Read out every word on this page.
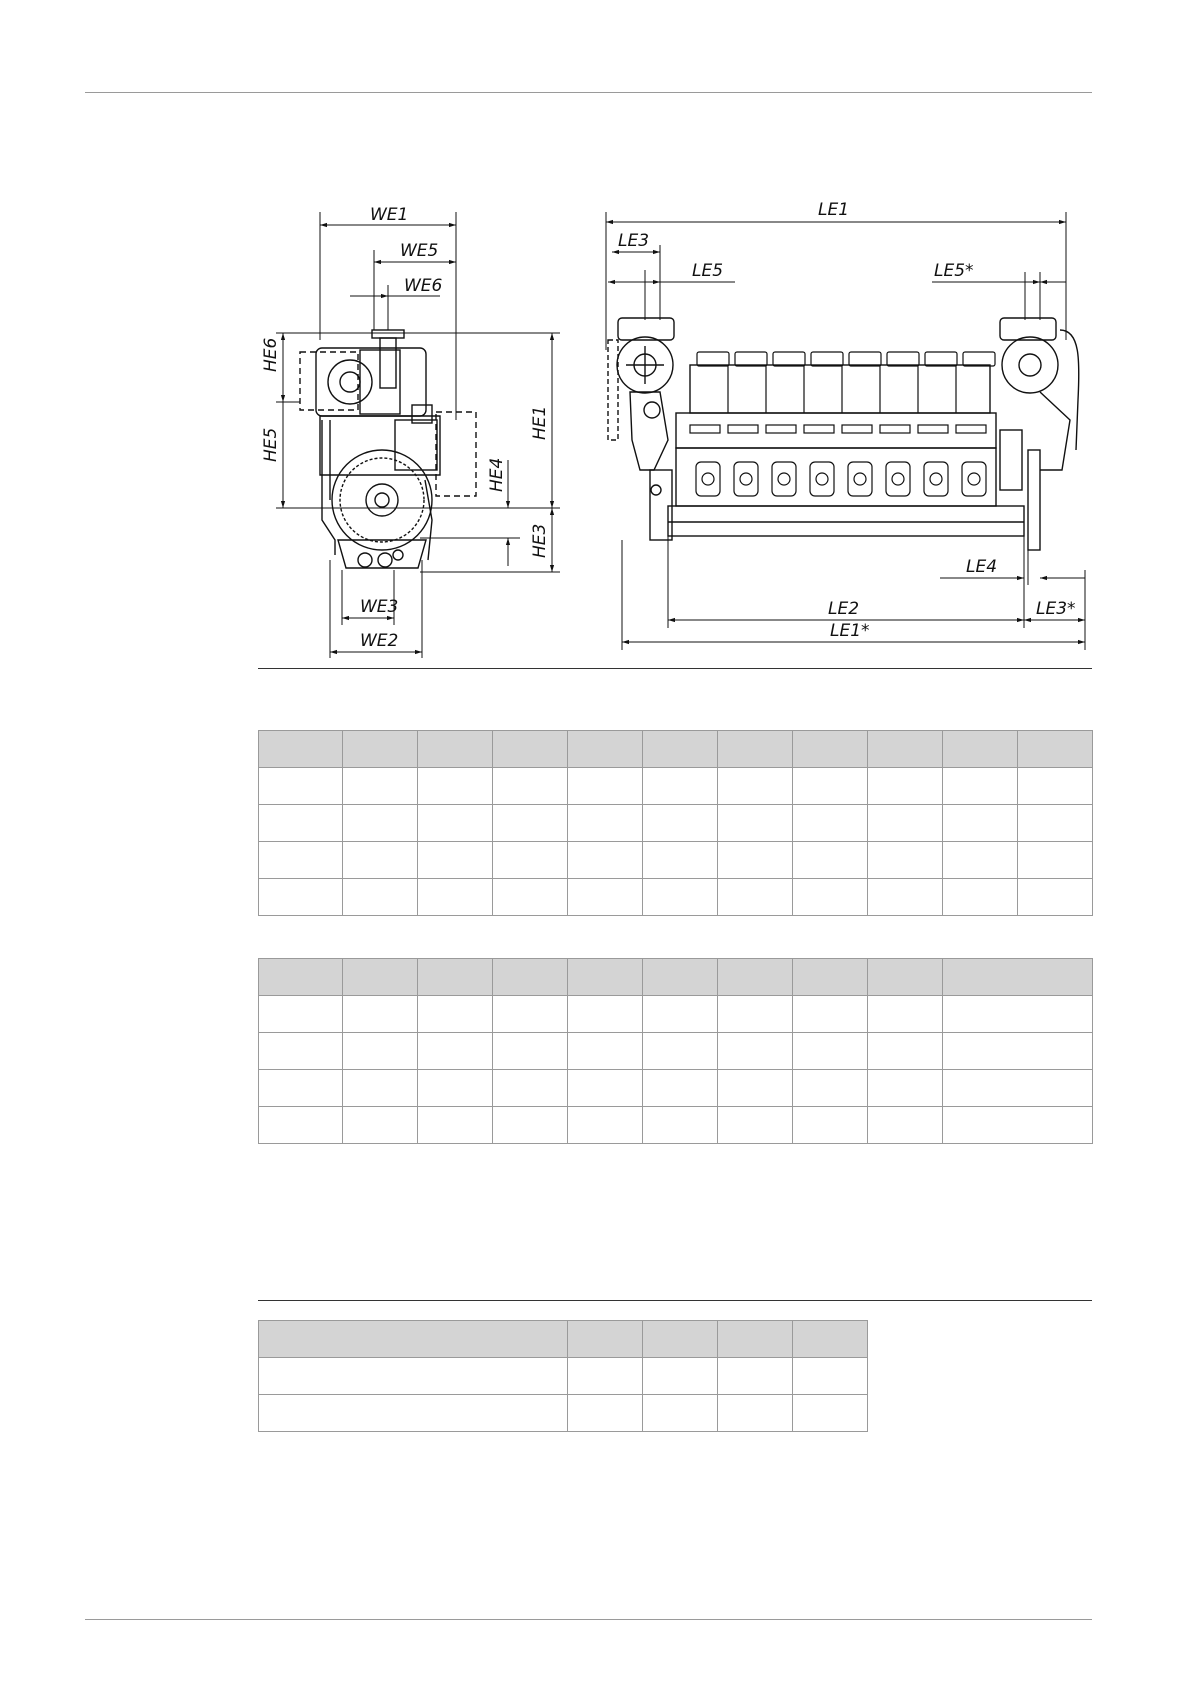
WE1
WE5
WE6
WE3
WE2
HE6
HE5
HE1
HE4
HE3
LE1
LE3
LE5	LE5*
LE4
LE2	LE3*
LE1*
